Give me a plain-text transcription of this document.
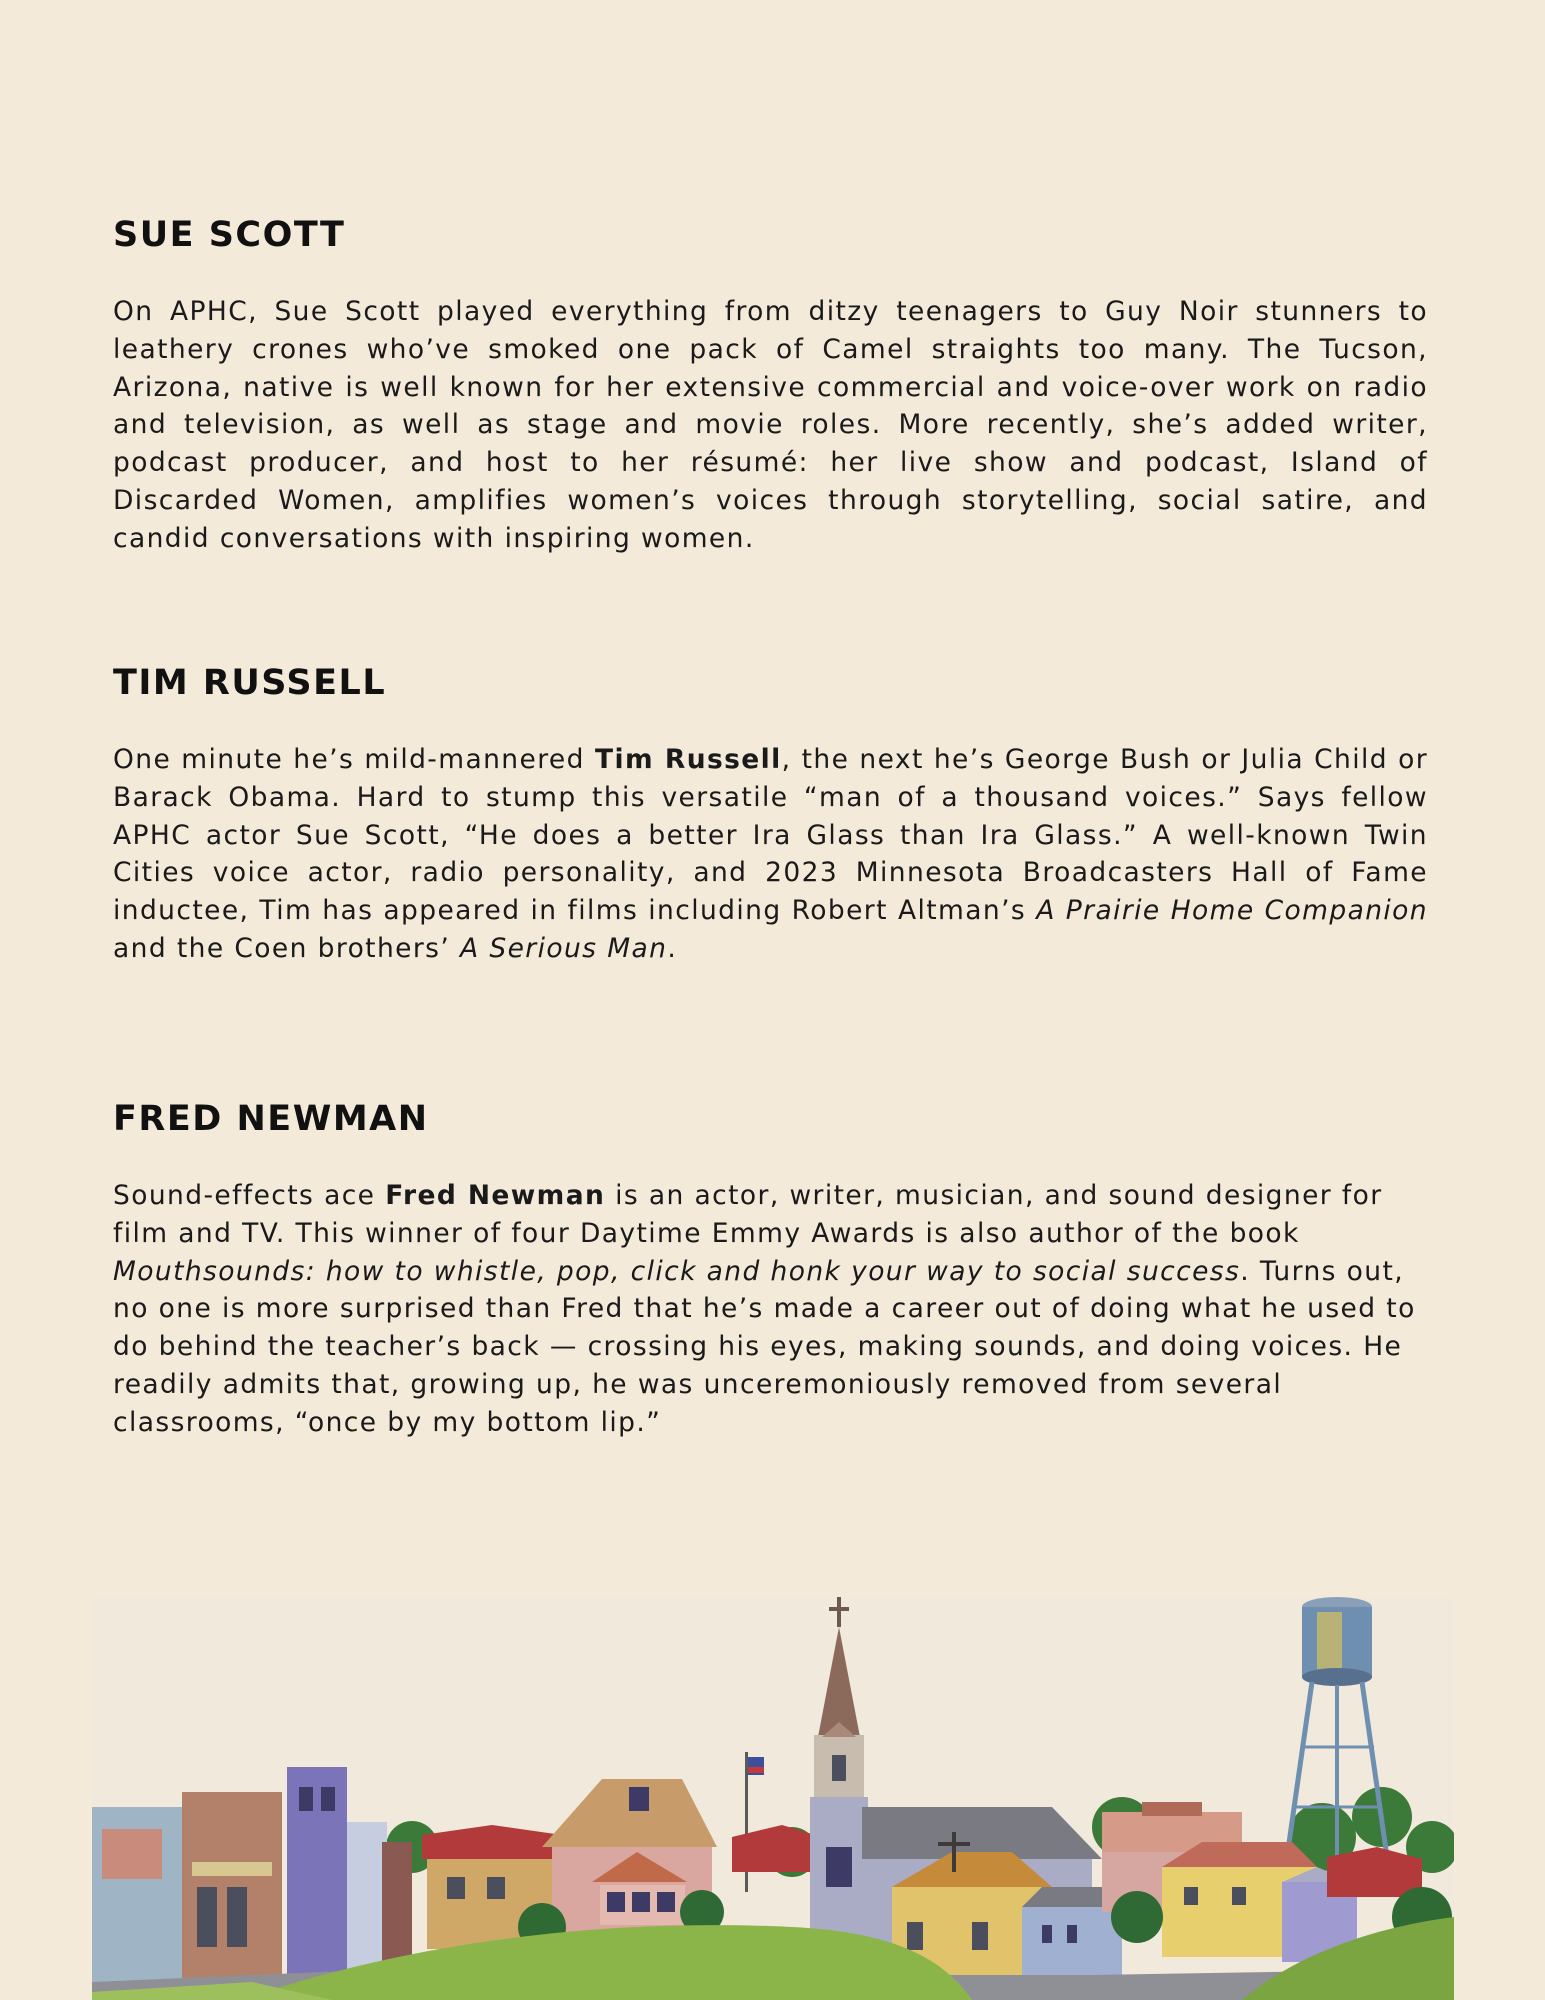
SUE SCOTT

On APHC, Sue Scott played everything from ditzy teenagers to Guy Noir stunners to leathery crones who’ve smoked one pack of Camel straights too many. The Tucson, Arizona, native is well known for her extensive commercial and voice-over work on radio and television, as well as stage and movie roles. More recently, she’s added writer, podcast producer, and host to her résumé: her live show and podcast, Island of Discarded Women, amplifies women’s voices through storytelling, social satire, and candid conversations with inspiring women.

TIM RUSSELL

One minute he’s mild-mannered Tim Russell, the next he’s George Bush or Julia Child or Barack Obama. Hard to stump this versatile “man of a thousand voices.” Says fellow APHC actor Sue Scott, “He does a better Ira Glass than Ira Glass.” A well-known Twin Cities voice actor, radio personality, and 2023 Minnesota Broadcasters Hall of Fame inductee, Tim has appeared in films including Robert Altman’s A Prairie Home Companion and the Coen brothers’ A Serious Man.

FRED NEWMAN

Sound-effects ace Fred Newman is an actor, writer, musician, and sound designer for film and TV. This winner of four Daytime Emmy Awards is also author of the book Mouthsounds: how to whistle, pop, click and honk your way to social success. Turns out, no one is more surprised than Fred that he’s made a career out of doing what he used to do behind the teacher’s back — crossing his eyes, making sounds, and doing voices. He readily admits that, growing up, he was unceremoniously removed from several classrooms, “once by my bottom lip.”
